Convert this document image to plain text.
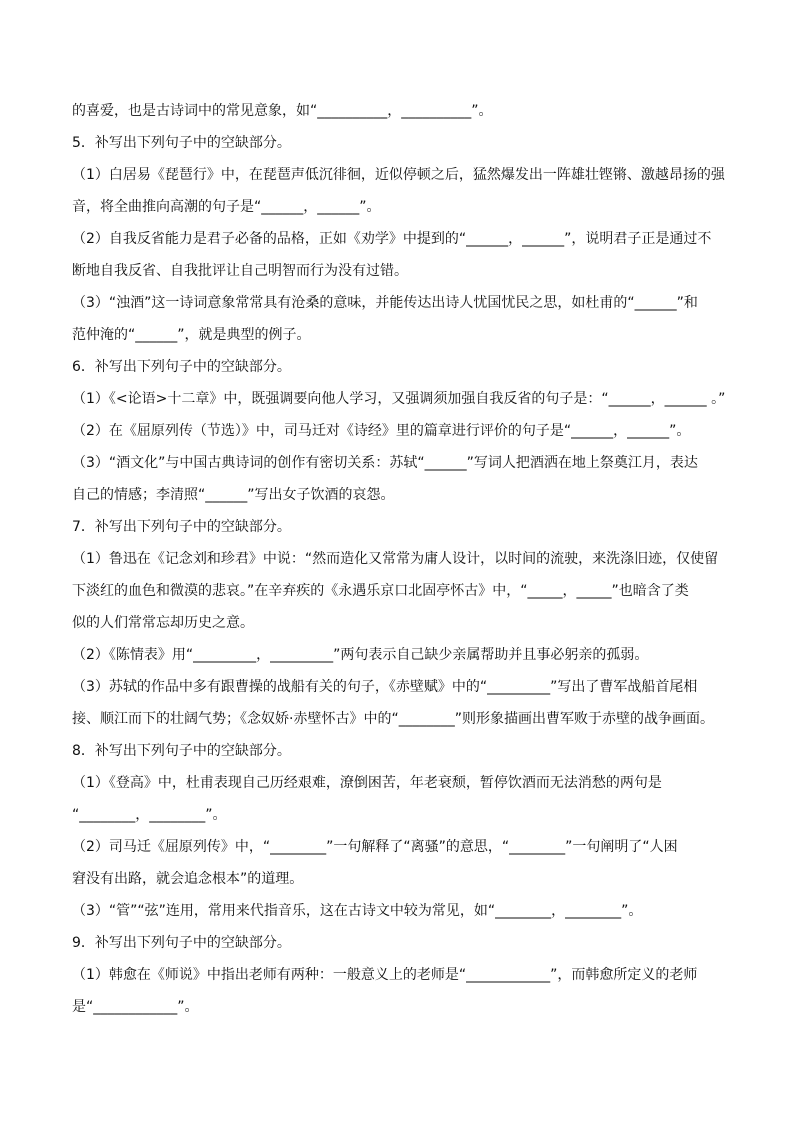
的喜爱，也是古诗词中的常见意象，如“__________，__________”。
5．补写出下列句子中的空缺部分。
（1）白居易《琵琶行》中，在琵琶声低沉徘徊，近似停顿之后，猛然爆发出一阵雄壮铿锵、激越昂扬的强
音，将全曲推向高潮的句子是“______，______”。
（2）自我反省能力是君子必备的品格，正如《劝学》中提到的“______，______”，说明君子正是通过不
断地自我反省、自我批评让自己明智而行为没有过错。
（3）“浊酒”这一诗词意象常常具有沧桑的意味，并能传达出诗人忧国忧民之思，如杜甫的“______”和
范仲淹的“______”，就是典型的例子。
6．补写出下列句子中的空缺部分。
（1）《<论语>十二章》中，既强调要向他人学习，又强调须加强自我反省的句子是：“______，______ 。”
（2）在《屈原列传（节选）》中，司马迁对《诗经》里的篇章进行评价的句子是“______，______”。
（3）“酒文化”与中国古典诗词的创作有密切关系：苏轼“______”写词人把酒洒在地上祭奠江月，表达
自己的情感；李清照“______”写出女子饮酒的哀怨。
7．补写出下列句子中的空缺部分。
（1）鲁迅在《记念刘和珍君》中说：“然而造化又常常为庸人设计，以时间的流驶，来洗涤旧迹，仅使留
下淡红的血色和微漠的悲哀。”在辛弃疾的《永遇乐京口北固亭怀古》中，“_____，_____”也暗含了类
似的人们常常忘却历史之意。
（2）《陈情表》用“_________，_________”两句表示自己缺少亲属帮助并且事必躬亲的孤弱。
（3）苏轼的作品中多有跟曹操的战船有关的句子，《赤壁赋》中的“_________”写出了曹军战船首尾相
接、顺江而下的壮阔气势；《念奴娇·赤壁怀古》中的“________”则形象描画出曹军败于赤壁的战争画面。
8．补写出下列句子中的空缺部分。
（1）《登高》中，杜甫表现自己历经艰难，潦倒困苦，年老衰颓，暂停饮酒而无法消愁的两句是
“________，________”。
（2）司马迁《屈原列传》中，“________”一句解释了“离骚”的意思，“________”一句阐明了“人困
窘没有出路，就会追念根本”的道理。
（3）“管”“弦”连用，常用来代指音乐，这在古诗文中较为常见，如“________，________”。
9．补写出下列句子中的空缺部分。
（1）韩愈在《师说》中指出老师有两种：一般意义上的老师是“____________”，而韩愈所定义的老师
是“____________”。
